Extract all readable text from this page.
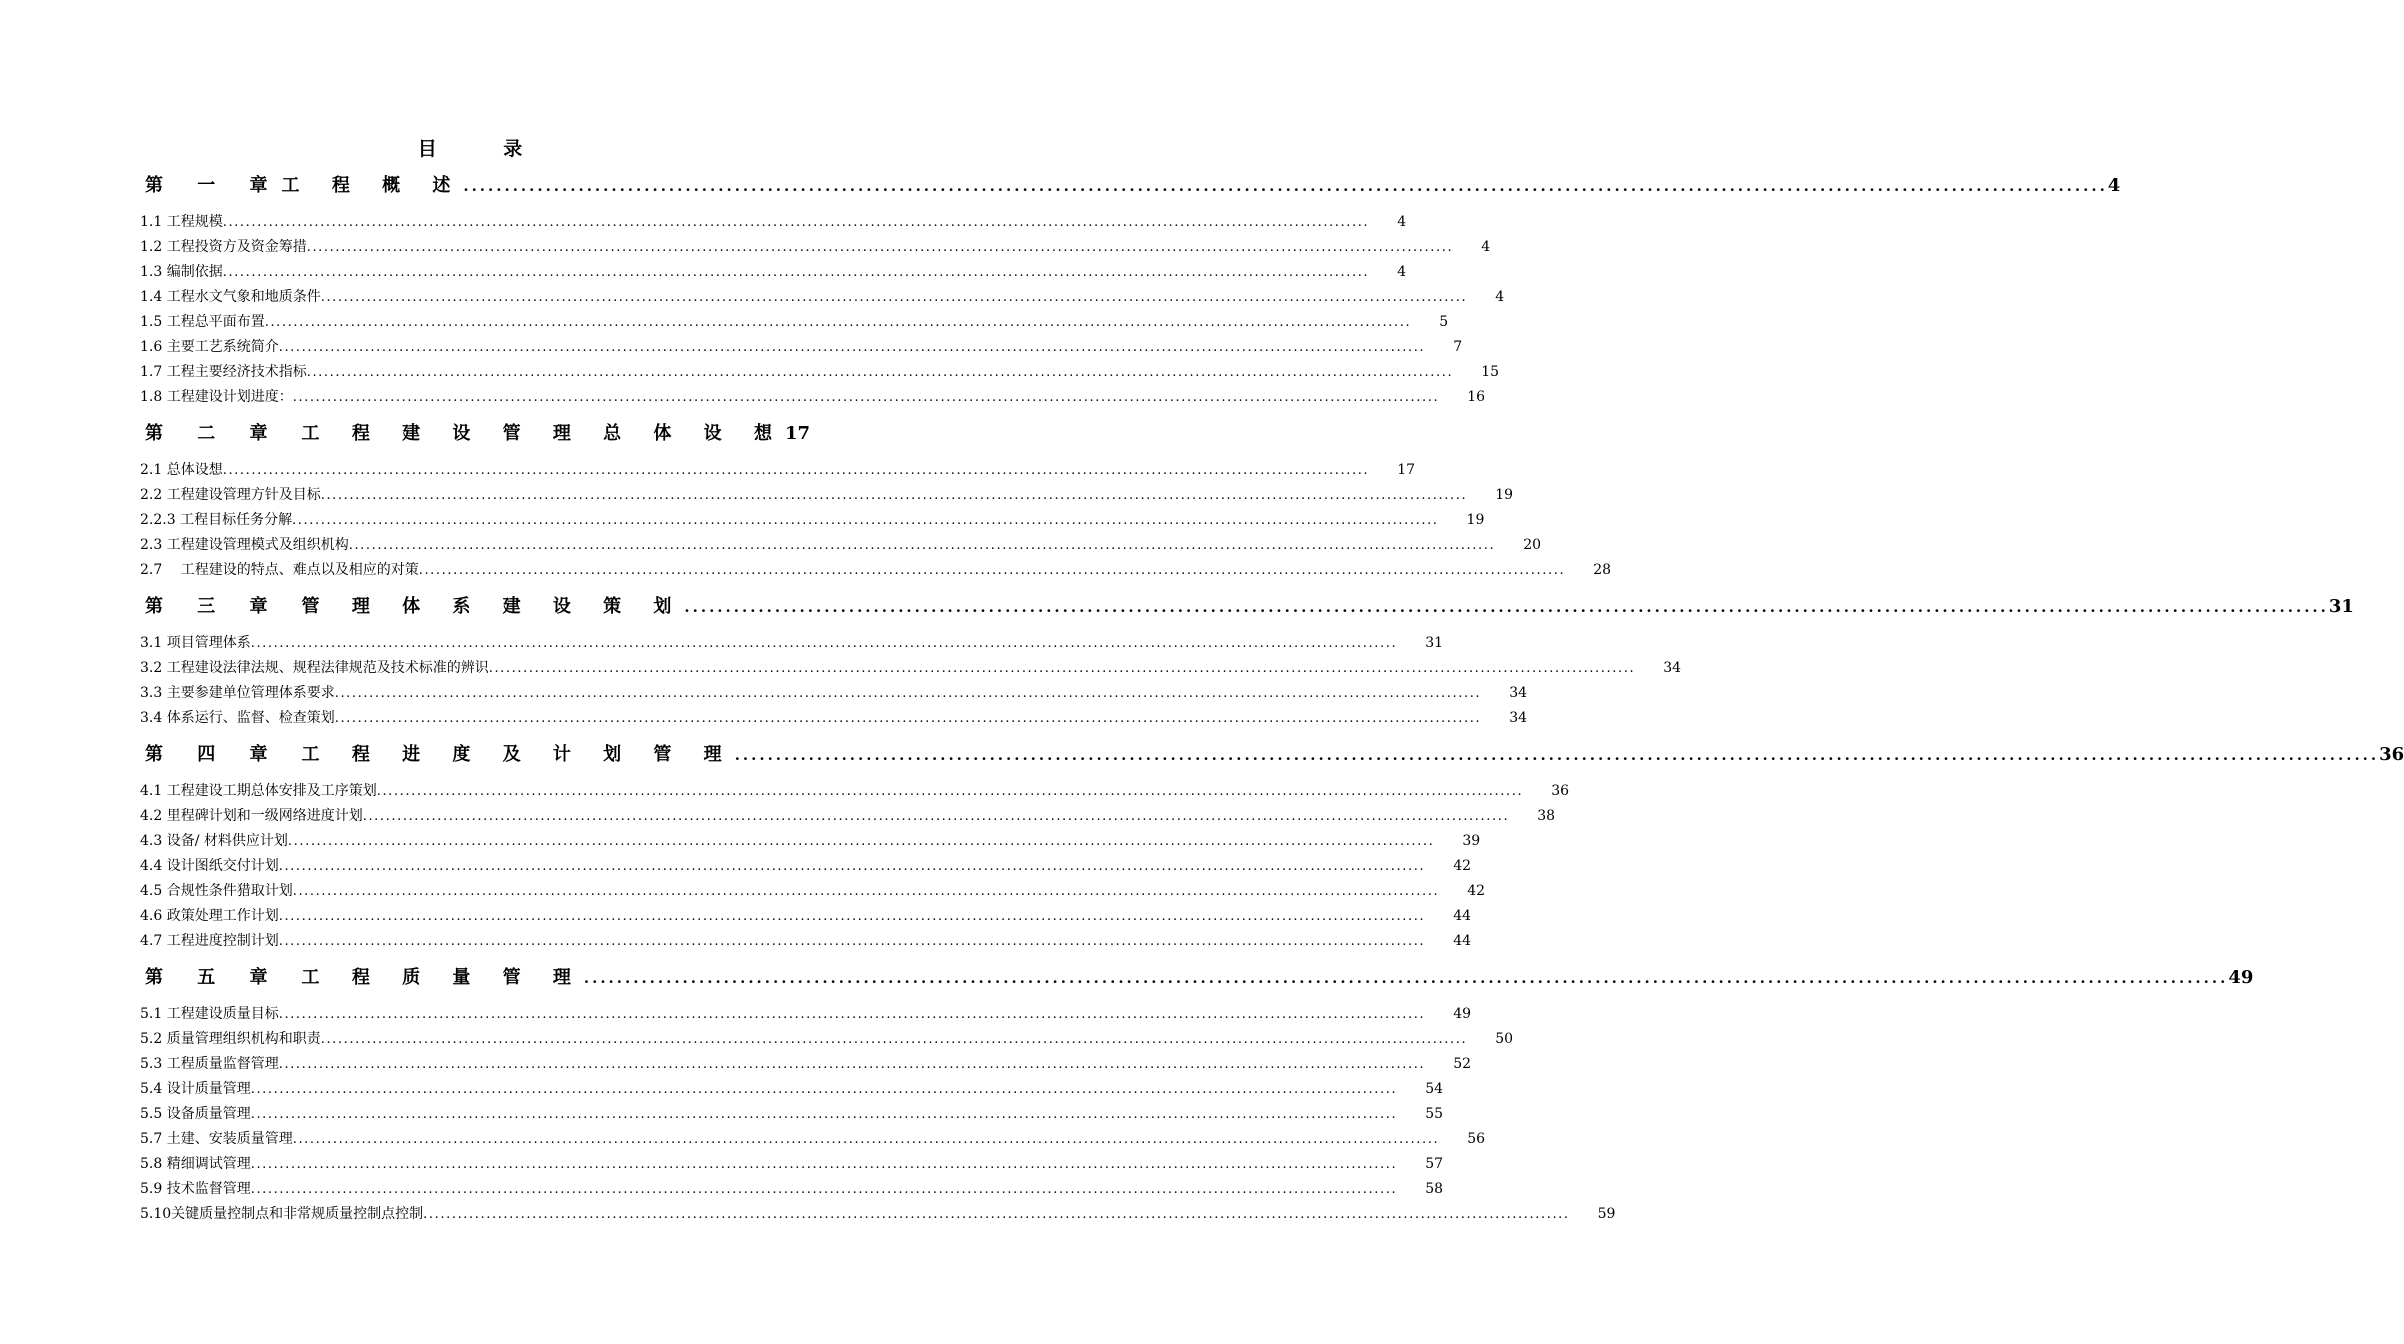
目 录
第 一 章 工 程 概 述 ........................................................................................................................................................................................................ 4
1.1 工程规模 ........................................................................................................................................................................................................	4
1.2 工程投资方及资金筹措 ........................................................................................................................................................................................................	4
1.3 编制依据 ........................................................................................................................................................................................................	4
1.4 工程水文气象和地质条件 ........................................................................................................................................................................................................	4
1.5 工程总平面布置 ........................................................................................................................................................................................................	5
1.6 主要工艺系统简介 ........................................................................................................................................................................................................	7
1.7 工程主要经济技术指标 ........................................................................................................................................................................................................	15
1.8 工程建设计划进度： ........................................................................................................................................................................................................	16
第 二 章	工 程 建 设 管 理 总 体 设 想 17
2.1 总体设想 ........................................................................................................................................................................................................	17
2.2 工程建设管理方针及目标 ........................................................................................................................................................................................................	19
2.2.3 工程目标任务分解 ........................................................................................................................................................................................................	19
2.3 工程建设管理模式及组织机构 ........................................................................................................................................................................................................	20
2.7　 工程建设的特点、难点以及相应的对策 ........................................................................................................................................................................................................	28
第 三 章	管 理 体 系 建 设 策 划 ........................................................................................................................................................................................................ 31
3.1 项目管理体系 ........................................................................................................................................................................................................	31
3.2 工程建设法律法规、规程法律规范及技术标准的辨识 ........................................................................................................................................................................................................	34
3.3 主要参建单位管理体系要求 ........................................................................................................................................................................................................	34
3.4 体系运行、监督、检查策划 ........................................................................................................................................................................................................	34
第 四 章	工 程 进 度 及 计 划 管 理 ........................................................................................................................................................................................................ 36
4.1 工程建设工期总体安排及工序策划 ........................................................................................................................................................................................................	36
4.2 里程碑计划和一级网络进度计划 ........................................................................................................................................................................................................	38
4.3 设备/ 材料供应计划 ........................................................................................................................................................................................................	39
4.4 设计图纸交付计划 ........................................................................................................................................................................................................	42
4.5 合规性条件猎取计划 ........................................................................................................................................................................................................	42
4.6 政策处理工作计划 ........................................................................................................................................................................................................	44
4.7 工程进度控制计划 ........................................................................................................................................................................................................	44
第 五 章	工 程 质 量 管 理 ........................................................................................................................................................................................................ 49
5.1 工程建设质量目标 ........................................................................................................................................................................................................	49
5.2 质量管理组织机构和职责 ........................................................................................................................................................................................................	50
5.3 工程质量监督管理 ........................................................................................................................................................................................................	52
5.4 设计质量管理 ........................................................................................................................................................................................................	54
5.5 设备质量管理 ........................................................................................................................................................................................................	55
5.7 土建、安装质量管理 ........................................................................................................................................................................................................	56
5.8 精细调试管理 ........................................................................................................................................................................................................	57
5.9 技术监督管理 ........................................................................................................................................................................................................	58
5.10关键质量控制点和非常规质量控制点控制 ........................................................................................................................................................................................................	59
